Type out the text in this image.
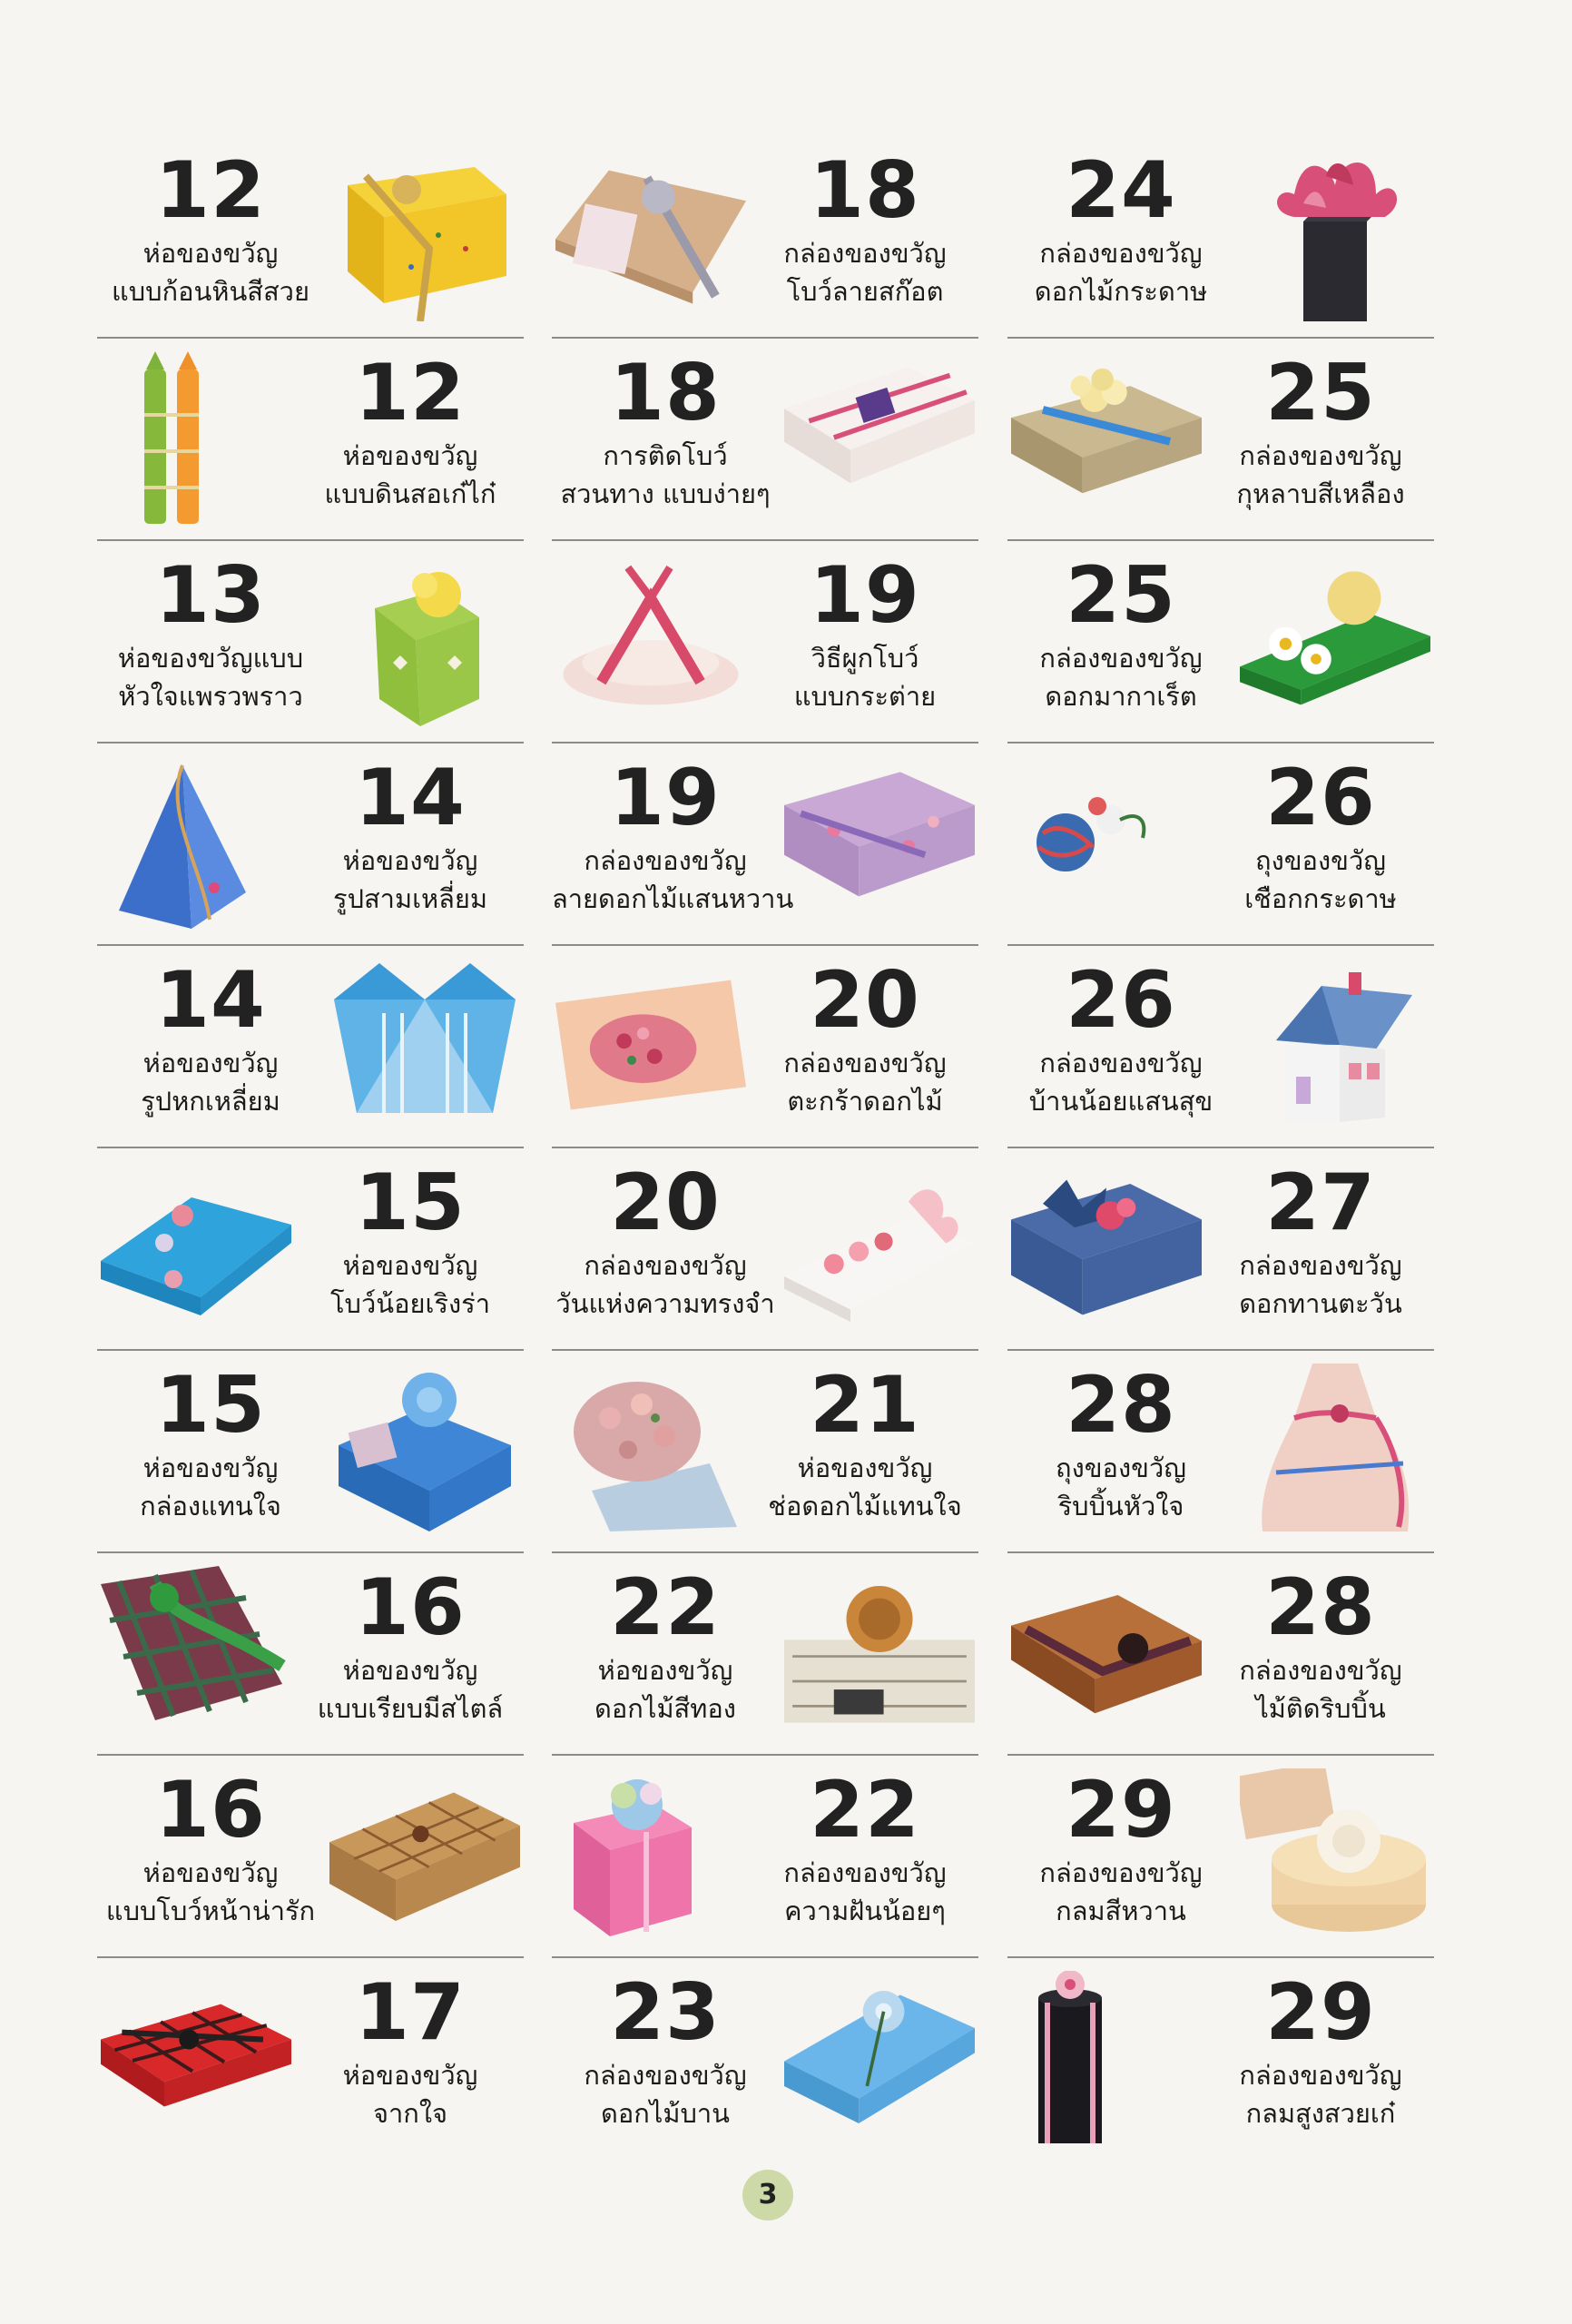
12
ห่อของขวัญ
แบบก้อนหินสีสวย
12
ห่อของขวัญ
แบบดินสอเก๋ไก๋
13
ห่อของขวัญแบบ
หัวใจแพรวพราว
14
ห่อของขวัญ
รูปสามเหลี่ยม
14
ห่อของขวัญ
รูปหกเหลี่ยม
15
ห่อของขวัญ
โบว์น้อยเริงร่า
15
ห่อของขวัญ
กล่องแทนใจ
16
ห่อของขวัญ
แบบเรียบมีสไตล์
16
ห่อของขวัญ
แบบโบว์หน้าน่ารัก
17
ห่อของขวัญ
จากใจ
18
กล่องของขวัญ
โบว์ลายสก๊อต
18
การติดโบว์
สวนทาง แบบง่ายๆ
19
วิธีผูกโบว์
แบบกระต่าย
19
กล่องของขวัญ
ลายดอกไม้แสนหวาน
20
กล่องของขวัญ
ตะกร้าดอกไม้
20
กล่องของขวัญ
วันแห่งความทรงจำ
21
ห่อของขวัญ
ช่อดอกไม้แทนใจ
22
ห่อของขวัญ
ดอกไม้สีทอง
22
กล่องของขวัญ
ความฝันน้อยๆ
23
กล่องของขวัญ
ดอกไม้บาน
24
กล่องของขวัญ
ดอกไม้กระดาษ
25
กล่องของขวัญ
กุหลาบสีเหลือง
25
กล่องของขวัญ
ดอกมากาเร็ต
26
ถุงของขวัญ
เชือกกระดาษ
26
กล่องของขวัญ
บ้านน้อยแสนสุข
27
กล่องของขวัญ
ดอกทานตะวัน
28
ถุงของขวัญ
ริบบิ้นหัวใจ
28
กล่องของขวัญ
ไม้ติดริบบิ้น
29
กล่องของขวัญ
กลมสีหวาน
29
กล่องของขวัญ
กลมสูงสวยเก๋
3
